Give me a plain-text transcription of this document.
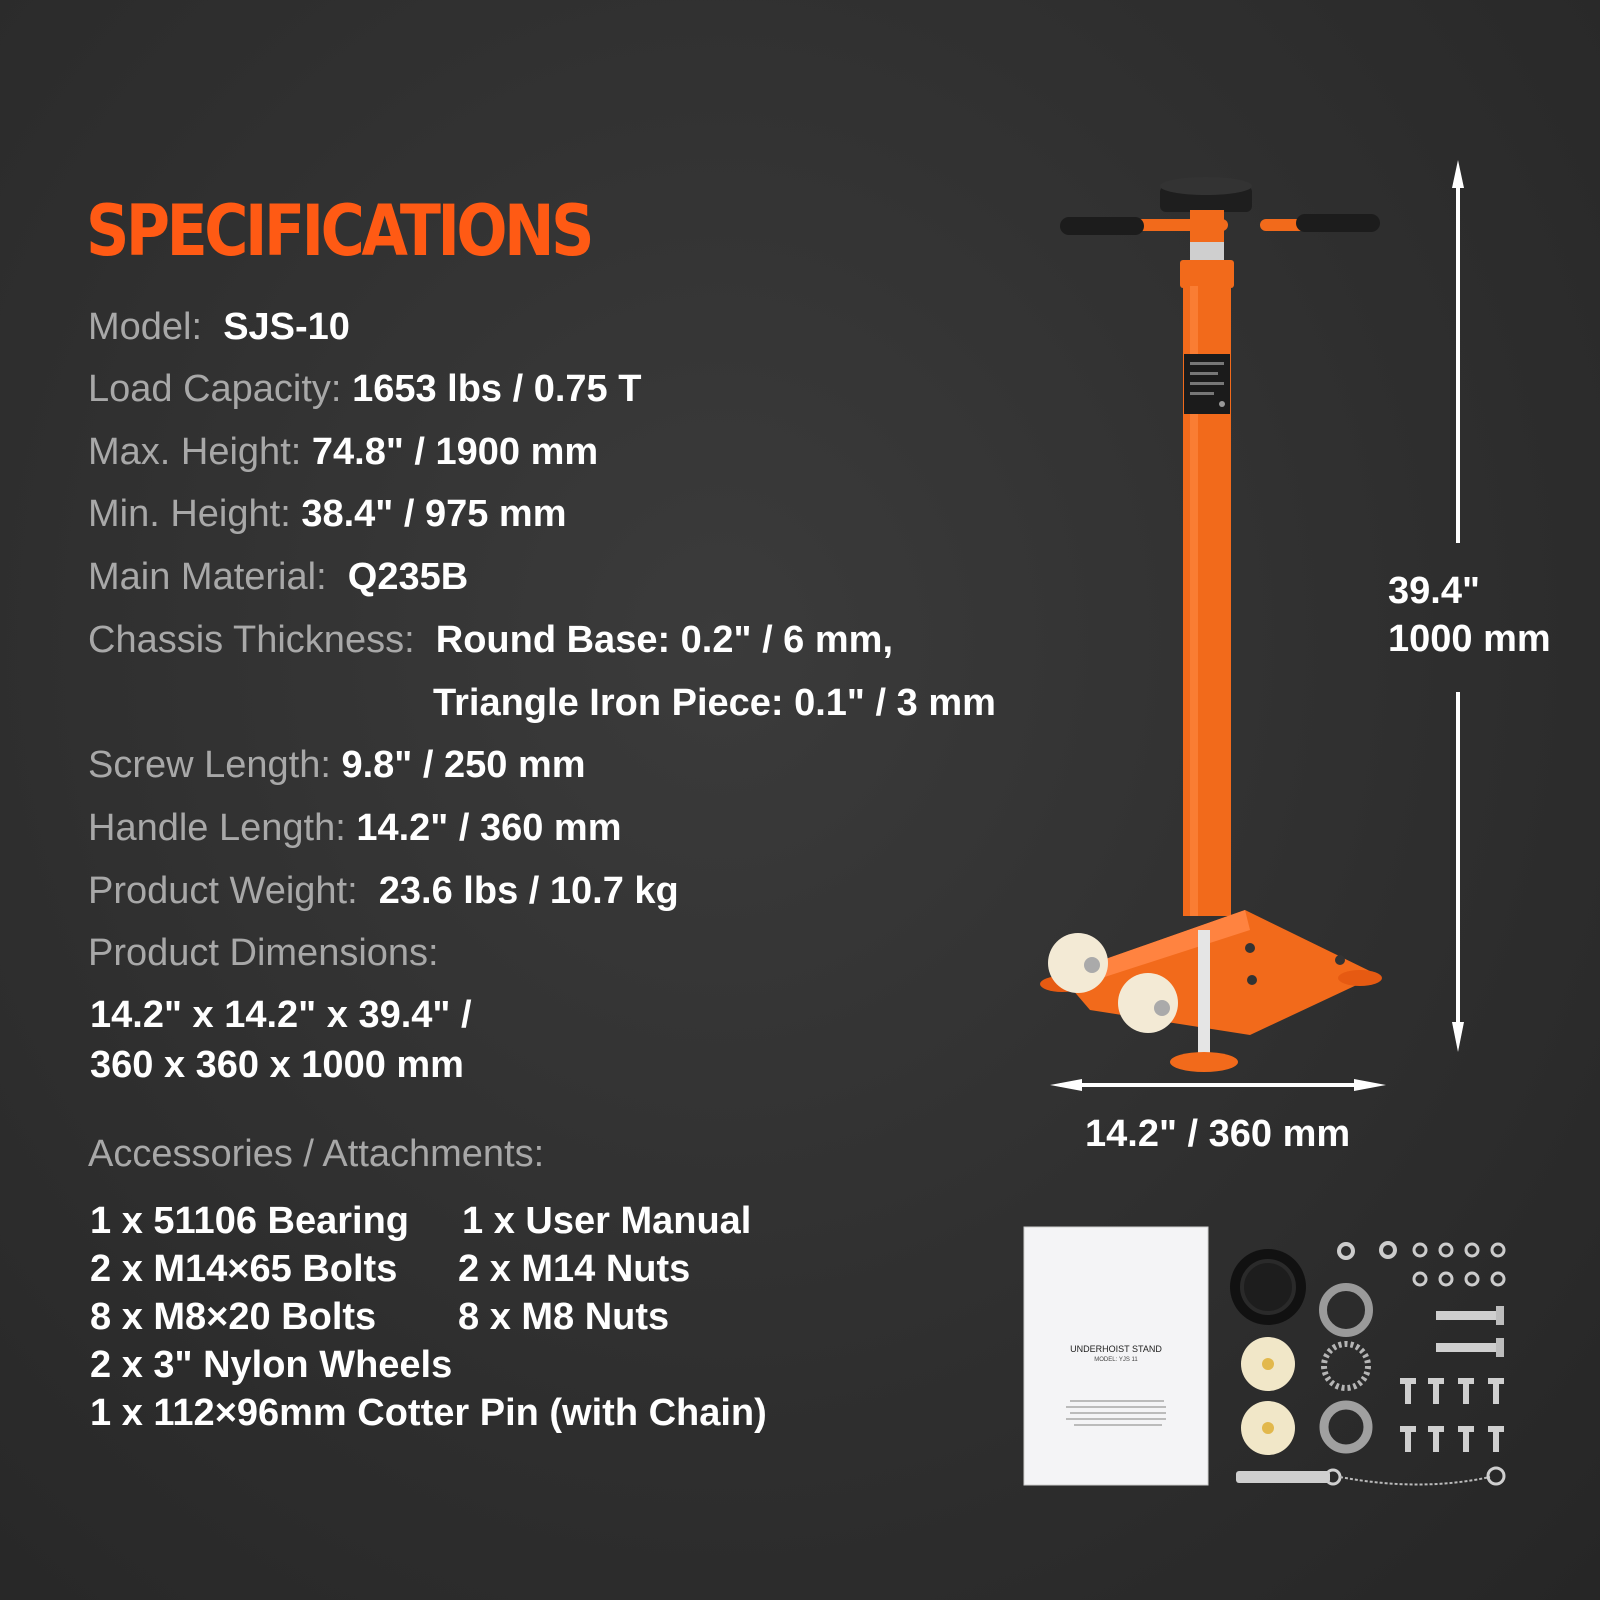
SPECIFICATIONS
Model: SJS-10
Load Capacity: 1653 lbs / 0.75 T
Max. Height: 74.8" / 1900 mm
Min. Height: 38.4" / 975 mm
Main Material: Q235B
Chassis Thickness: Round Base: 0.2" / 6 mm,
Triangle Iron Piece: 0.1" / 3 mm
Screw Length: 9.8" / 250 mm
Handle Length: 14.2" / 360 mm
Product Weight: 23.6 lbs / 10.7 kg
Product Dimensions:
14.2" x 14.2" x 39.4" /
360 x 360 x 1000 mm
Accessories / Attachments:
1 x 51106 Bearing 1 x User Manual
2 x M14×65 Bolts 2 x M14 Nuts
8 x M8×20 Bolts 8 x M8 Nuts
2 x 3" Nylon Wheels
1 x 112×96mm Cotter Pin (with Chain)
UNDERHOIST STAND
MODEL: YJS 11
39.4"
1000 mm
14.2" / 360 mm
